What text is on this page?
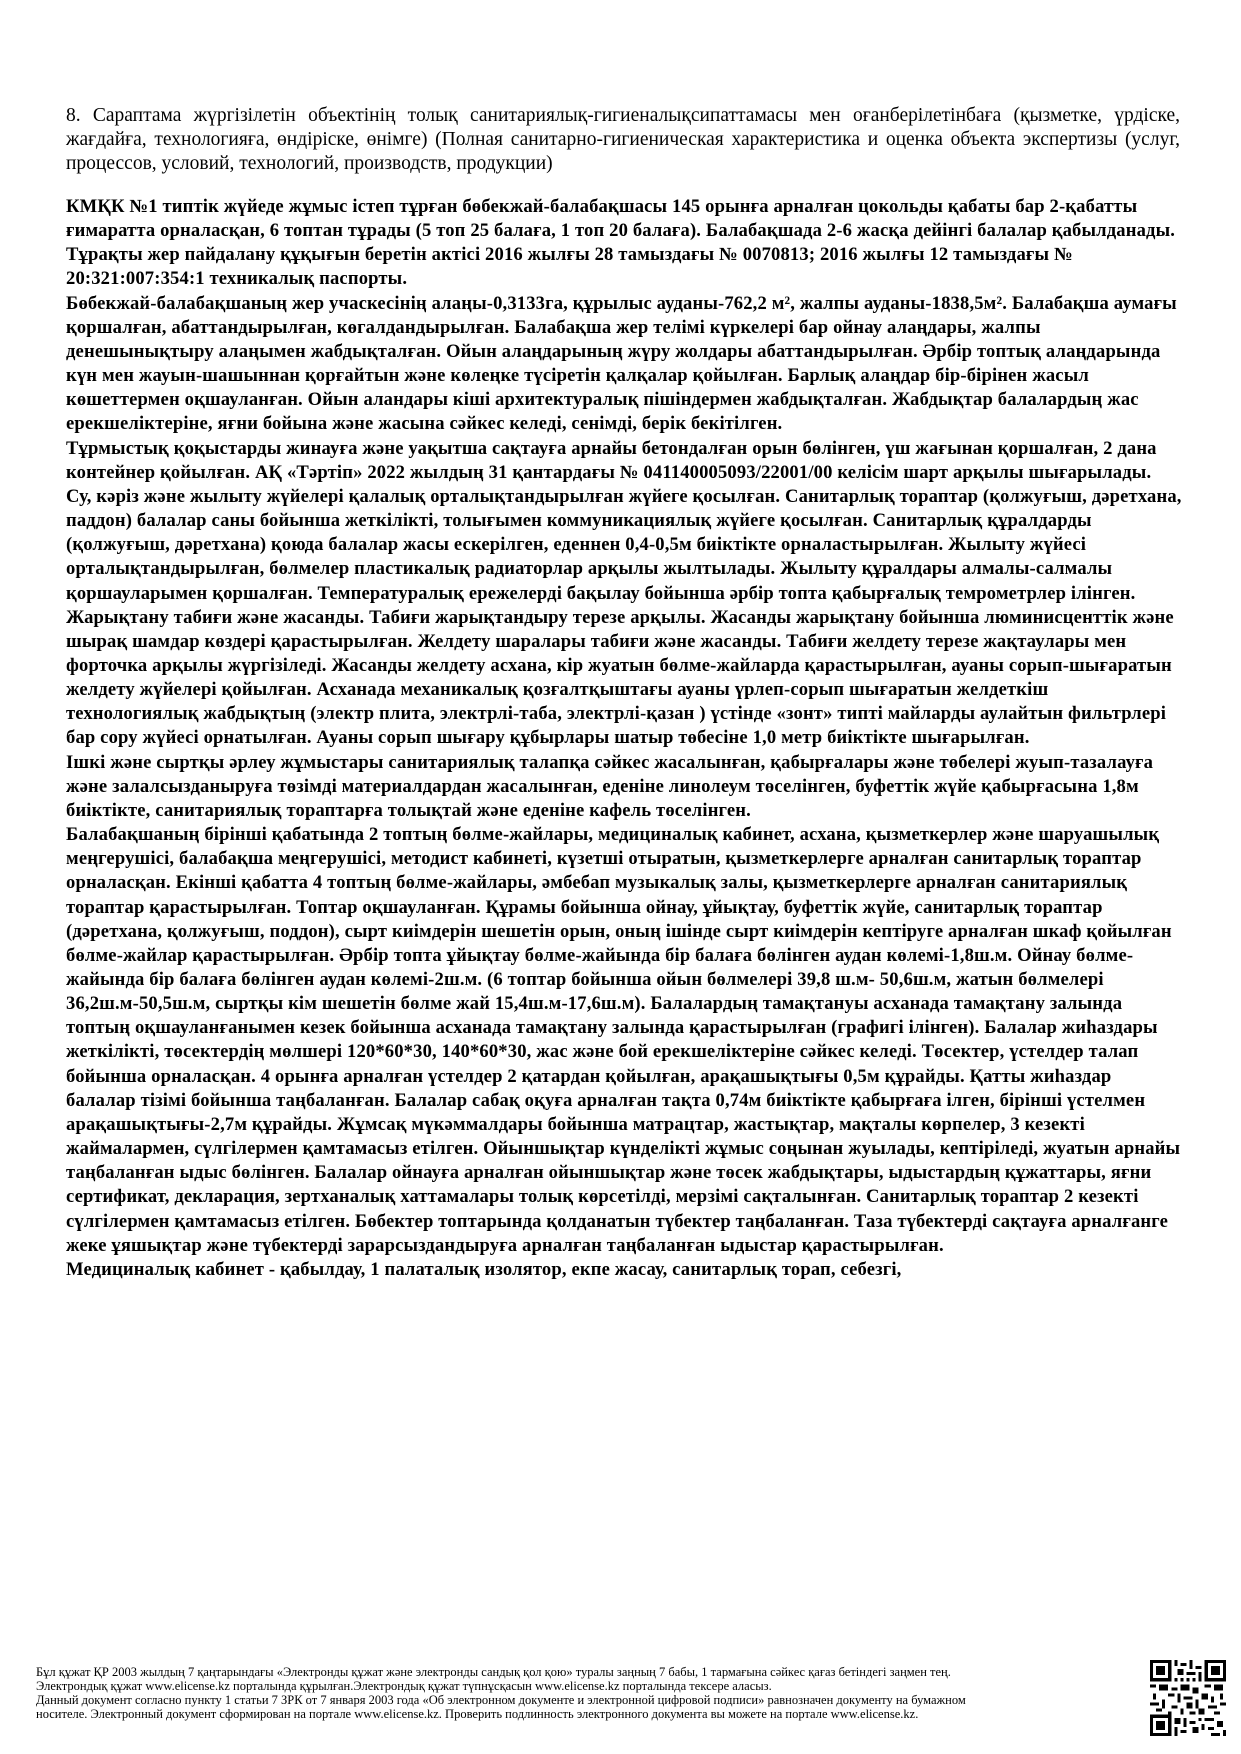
8. Сараптама жүргізілетін объектінің толық санитариялық-гигиеналықсипаттамасы мен оғанберілетінбаға (қызметке, үрдіске, жағдайға, технологияға, өндіріске, өнімге) (Полная санитарно-гигиеническая характеристика и оценка объекта экспертизы (услуг, процессов, условий, технологий, производств, продукции)

КМҚК №1 типтік жүйеде жұмыс істеп тұрған бөбекжай-балабақшасы 145 орынға арналған цокольды қабаты бар 2-қабатты ғимаратта орналасқан, 6 топтан тұрады (5 топ 25 балаға, 1 топ 20 балаға). Балабақшада 2-6 жасқа дейінгі балалар қабылданады. Тұрақты жер пайдалану құқығын беретін актісі 2016 жылғы 28 тамыздағы № 0070813; 2016 жылғы 12 тамыздағы № 20:321:007:354:1 техникалық паспорты.

Бөбекжай-балабақшаның жер учаскесінің алаңы-0,3133га, құрылыс ауданы-762,2 м², жалпы ауданы-1838,5м². Балабақша аумағы қоршалған, абаттандырылған, көгалдандырылған. Балабақша жер телімі күркелері бар ойнау алаңдары, жалпы денешынықтыру алаңымен жабдықталған. Ойын алаңдарының жүру жолдары абаттандырылған. Әрбір топтық алаңдарында күн мен жауын-шашыннан қорғайтын және көлеңке түсіретін қалқалар қойылған. Барлық алаңдар бір-бірінен жасыл көшеттермен оқшауланған. Ойын аландары кіші архитектуралық пішіндермен жабдықталған. Жабдықтар балалардың жас ерекшеліктеріне, яғни бойына және жасына сәйкес келеді, сенімді, берік бекітілген.

Тұрмыстық қоқыстарды жинауға және уақытша сақтауға арнайы бетондалған орын бөлінген, үш жағынан қоршалған, 2 дана контейнер қойылған. АҚ «Тәртіп» 2022 жылдың 31 қантардағы № 041140005093/22001/00 келісім шарт арқылы шығарылады.

Су, кәріз және жылыту жүйелері қалалық орталықтандырылған жүйеге қосылған. Санитарлық тораптар (қолжуғыш, дәретхана, паддон) балалар саны бойынша жеткілікті, толығымен коммуникациялық жүйеге қосылған. Санитарлық құралдарды (қолжуғыш, дәретхана) қоюда балалар жасы ескерілген, еденнен 0,4-0,5м биіктікте орналастырылған. Жылыту жүйесі орталықтандырылған, бөлмелер пластикалық радиаторлар арқылы жылтылады. Жылыту құралдары алмалы-салмалы қоршауларымен қоршалған. Температуралық ережелерді бақылау бойынша әрбір топта қабырғалық темрометрлер ілінген. Жарықтану табиғи және жасанды. Табиғи жарықтандыру терезе арқылы. Жасанды жарықтану бойынша люминисценттік және шырақ шамдар көздері қарастырылған. Желдету шаралары табиғи және жасанды. Табиғи желдету терезе жақтаулары мен форточка арқылы жүргізіледі. Жасанды желдету асхана, кір жуатын бөлме-жайларда қарастырылған, ауаны сорып-шығаратын желдету жүйелері қойылған. Асханада механикалық қозғалтқыштағы ауаны үрлеп-сорып шығаратын желдеткіш технологиялық жабдықтың (электр плита, электрлі-таба, электрлі-қазан ) үстінде «зонт» типті майларды аулайтын фильтрлері бар сору жүйесі орнатылған. Ауаны сорып шығару құбырлары шатыр төбесіне 1,0 метр биіктікте шығарылған.

Ішкі және сыртқы әрлеу жұмыстары санитариялық талапқа сәйкес жасалынған, қабырғалары және төбелері жуып-тазалауға және залалсызданыруға төзімді материалдардан жасалынған, еденіне линолеум төселінген, буфеттік жүйе қабырғасына 1,8м биіктікте, санитариялық тораптарға толықтай және еденіне кафель төселінген.

Балабақшаның бірінші қабатында 2 топтың бөлме-жайлары, медициналық кабинет, асхана, қызметкерлер және шаруашылық меңгерушісі, балабақша меңгерушісі, методист кабинеті, күзетші отыратын, қызметкерлерге арналған санитарлық тораптар орналасқан. Екінші қабатта 4 топтың бөлме-жайлары, әмбебап музыкалық залы, қызметкерлерге арналған санитариялық тораптар қарастырылған. Топтар оқшауланған. Құрамы бойынша ойнау, ұйықтау, буфеттік жүйе, санитарлық тораптар (дәретхана, қолжуғыш, поддон), сырт киімдерін шешетін орын, оның ішінде сырт киімдерін кептіруге арналған шкаф қойылған бөлме-жайлар қарастырылған. Әрбір топта ұйықтау бөлме-жайында бір балаға бөлінген аудан көлемі-1,8ш.м. Ойнау бөлме-жайында бір балаға бөлінген аудан көлемі-2ш.м. (6 топтар бойынша ойын бөлмелері 39,8 ш.м- 50,6ш.м, жатын бөлмелері 36,2ш.м-50,5ш.м, сыртқы кім шешетін бөлме жай 15,4ш.м-17,6ш.м). Балалардың тамақтануы асханада тамақтану залында топтың оқшауланғанымен кезек бойынша асханада тамақтану залында қарастырылған (графигі ілінген). Балалар жиһаздары жеткілікті, төсектердің мөлшері 120*60*30, 140*60*30, жас және бой ерекшеліктеріне сәйкес келеді. Төсектер, үстелдер талап бойынша орналасқан. 4 орынға арналған үстелдер 2 қатардан қойылған, арақашықтығы 0,5м құрайды. Қатты жиһаздар балалар тізімі бойынша таңбаланған. Балалар сабақ оқуға арналған тақта 0,74м биіктікте қабырғаға ілген, бірінші үстелмен арақашықтығы-2,7м құрайды. Жұмсақ мүкәммалдары бойынша матрацтар, жастықтар, мақталы көрпелер, 3 кезекті жаймалармен, сүлгілермен қамтамасыз етілген. Ойыншықтар күнделікті жұмыс соңынан жуылады, кептіріледі, жуатын арнайы таңбаланған ыдыс бөлінген. Балалар ойнауға арналған ойыншықтар және төсек жабдықтары, ыдыстардың құжаттары, яғни сертификат, декларация, зертханалық хаттамалары толық көрсетілді, мерзімі сақталынған. Санитарлық тораптар 2 кезекті сүлгілермен қамтамасыз етілген. Бөбектер топтарында қолданатын түбектер таңбаланған. Таза түбектерді сақтауға арналғанге жеке ұяшықтар және түбектерді зарарсыздандыруға арналған таңбаланған ыдыстар қарастырылған.

Медициналық кабинет - қабылдау, 1 палаталық изолятор, екпе жасау, санитарлық торап, себезгі,

Бұл құжат ҚР 2003 жылдың 7 қаңтарындағы «Электронды құжат және электронды сандық қол қою» туралы заңның 7 бабы, 1 тармағына сәйкес қағаз бетіндегі заңмен тең.
Электрондық құжат www.elicense.kz порталында құрылған.Электрондық құжат түпнұсқасын www.elicense.kz порталында тексере аласыз.
Данный документ согласно пункту 1 статьи 7 ЗРК от 7 января 2003 года «Об электронном документе и электронной цифровой подписи» равнозначен документу на бумажном
носителе. Электронный документ сформирован на портале www.elicense.kz. Проверить подлинность электронного документа вы можете на портале www.elicense.kz.
